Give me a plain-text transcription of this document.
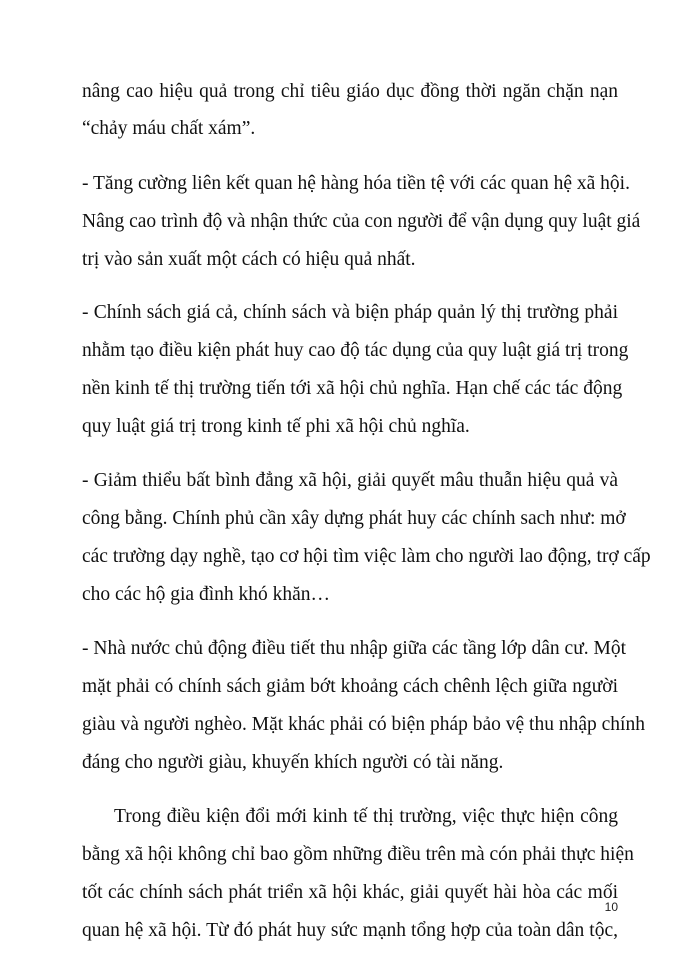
nâng cao hiệu quả trong chỉ tiêu giáo dục đồng thời ngăn chặn nạn
“chảy máu chất xám”.
- Tăng cường liên kết quan hệ hàng hóa tiền tệ với các quan hệ xã hội.
Nâng cao trình độ và nhận thức của con người để vận dụng quy luật giá
trị vào sản xuất một cách có hiệu quả nhất.
- Chính sách giá cả, chính sách và biện pháp quản lý thị trường phải
nhằm tạo điều kiện phát huy cao độ tác dụng của quy luật giá trị trong
nền kinh tế thị trường tiến tới xã hội chủ nghĩa. Hạn chế các tác động
quy luật giá trị trong kinh tế phi xã hội chủ nghĩa.
- Giảm thiểu bất bình đẳng xã hội, giải quyết mâu thuẫn hiệu quả và
công bằng. Chính phủ cần xây dựng phát huy các chính sach như: mở
các trường dạy nghề, tạo cơ hội tìm việc làm cho người lao động, trợ cấp
cho các hộ gia đình khó khăn…
- Nhà nước chủ động điều tiết thu nhập giữa các tầng lớp dân cư. Một
mặt phải có chính sách giảm bớt khoảng cách chênh lệch giữa người
giàu và người nghèo. Mặt khác phải có biện pháp bảo vệ thu nhập chính
đáng cho người giàu, khuyến khích người có tài năng.
Trong điều kiện đổi mới kinh tế thị trường, việc thực hiện công
bằng xã hội không chỉ bao gồm những điều trên mà cón phải thực hiện
tốt các chính sách phát triển xã hội khác, giải quyết hài hòa các mối
quan hệ xã hội. Từ đó phát huy sức mạnh tổng hợp của toàn dân tộc,
10
